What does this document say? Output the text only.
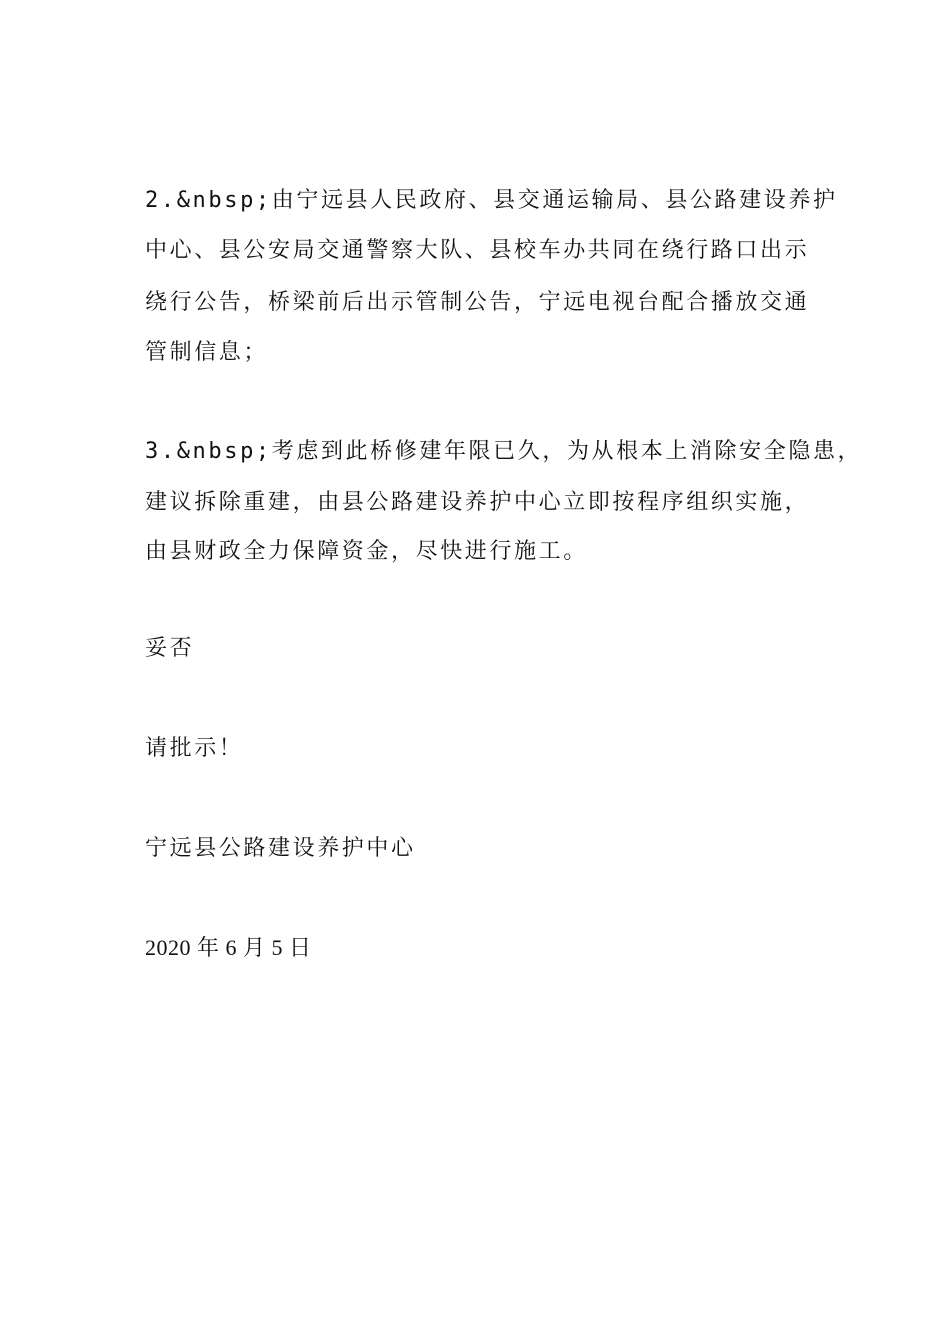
2.&nbsp;由宁远县人民政府、县交通运输局、县公路建设养护
中心、县公安局交通警察大队、县校车办共同在绕行路口出示
绕行公告，桥梁前后出示管制公告，宁远电视台配合播放交通
管制信息；
3.&nbsp;考虑到此桥修建年限已久，为从根本上消除安全隐患，
建议拆除重建，由县公路建设养护中心立即按程序组织实施，
由县财政全力保障资金，尽快进行施工。
妥否
请批示！
宁远县公路建设养护中心
2020 年 6 月 5 日
